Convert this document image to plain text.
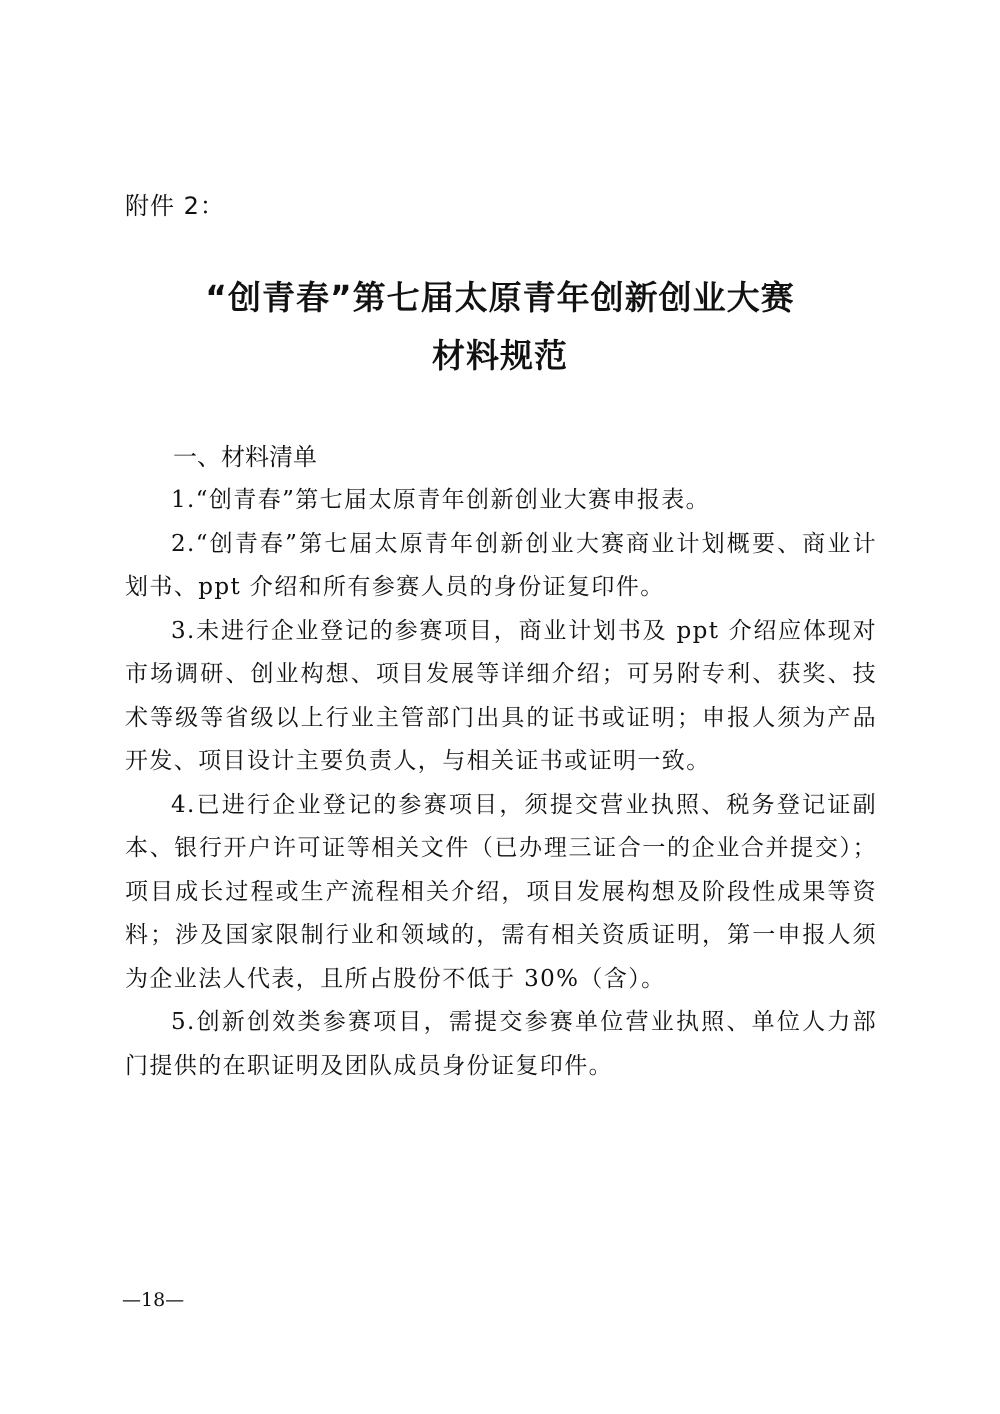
附件 2：
“创青春”第七届太原青年创新创业大赛
材料规范
一、材料清单

1.“创青春”第七届太原青年创新创业大赛申报表。

2.“创青春”第七届太原青年创新创业大赛商业计划概要、商业计划书、ppt 介绍和所有参赛人员的身份证复印件。

3.未进行企业登记的参赛项目，商业计划书及 ppt 介绍应体现对市场调研、创业构想、项目发展等详细介绍；可另附专利、获奖、技术等级等省级以上行业主管部门出具的证书或证明；申报人须为产品开发、项目设计主要负责人，与相关证书或证明一致。

4.已进行企业登记的参赛项目，须提交营业执照、税务登记证副本、银行开户许可证等相关文件（已办理三证合一的企业合并提交）；项目成长过程或生产流程相关介绍，项目发展构想及阶段性成果等资料；涉及国家限制行业和领域的，需有相关资质证明，第一申报人须为企业法人代表，且所占股份不低于 30%（含）。

5.创新创效类参赛项目，需提交参赛单位营业执照、单位人力部门提供的在职证明及团队成员身份证复印件。

—18—
